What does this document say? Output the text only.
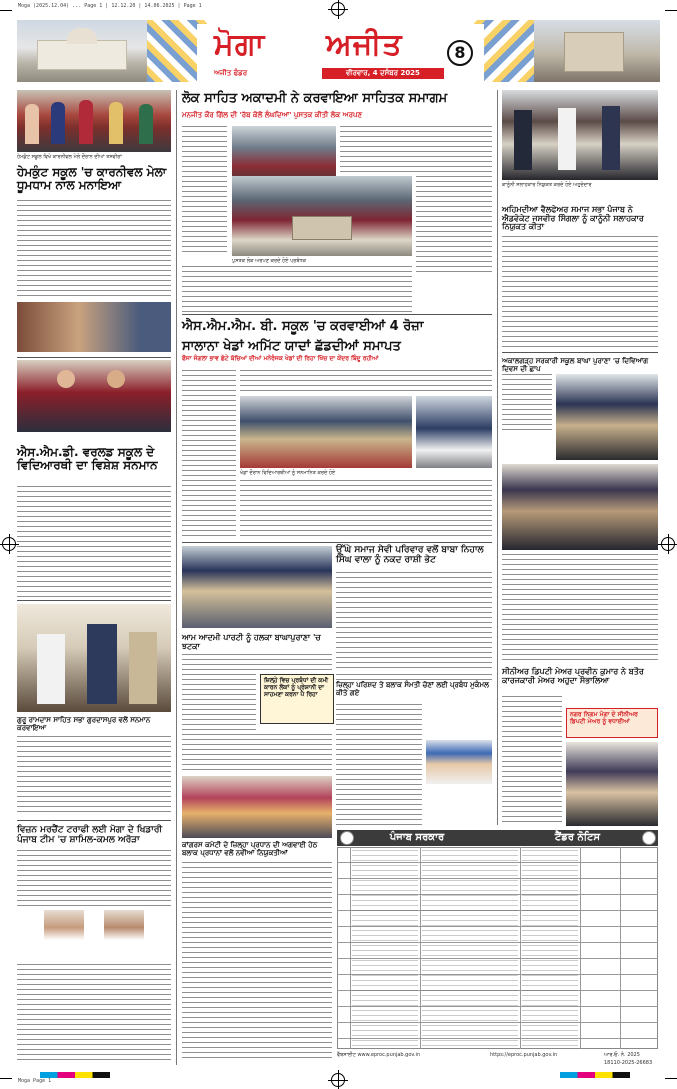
Moga (2025.12.04) ... Page 1 | 12.12.20 | 14.06.2025 | Page 1
Moga Page 1
ਮੋਗਾ ਅਜੀਤ
ਅਜੀਤ ਫੰਡਰ	ਵੀਰਵਾਰ, 4 ਦਸੰਬਰ 2025
8
ਹੇਮਕੁੰਟ ਸਕੂਲ ਵਿਖੇ ਕਾਰਨੀਵਲ ਮੇਲੇ ਦੌਰਾਨ ਦੀਆਂ ਤਸਵੀਰਾਂ
ਹੇਮਕੁੰਟ ਸਕੂਲ 'ਚ ਕਾਰਨੀਵਲ ਮੇਲਾ ਧੂਮਧਾਮ ਨਾਲ ਮਨਾਇਆ
ਐਸ.ਐਮ.ਡੀ. ਵਰਲਡ ਸਕੂਲ ਦੇ ਵਿਦਿਆਰਥੀ ਦਾ ਵਿਸ਼ੇਸ਼ ਸਨਮਾਨ
ਗੁਰੂ ਰਾਮਦਾਸ ਸਾਹਿਤ ਸਭਾ ਗੁਰਦਾਸਪੁਰ ਵਲੋਂ ਸਨਮਾਨ ਕਰਵਾਇਆ
ਵਿਜ਼ਨ ਮਰਚੈਂਟ ਟਰਾਫੀ ਲਈ ਮੋਗਾ ਦੇ ਖਿਡਾਰੀ ਪੰਜਾਬ ਟੀਮ 'ਚ ਸ਼ਾਮਿਲ-ਕਮਲ ਅਰੋੜਾ
ਲੋਕ ਸਾਹਿਤ ਅਕਾਦਮੀ ਨੇ ਕਰਵਾਇਆ ਸਾਹਿਤਕ ਸਮਾਗਮ
ਮਨਜੀਤ ਕੌਰ ਗਿੱਲ ਦੀ 'ਰੱਬ ਕੋਲੋਂ ਲੰਘਦਿਆਂ' ਪੁਸਤਕ ਕੀਤੀ ਲੋਕ ਅਰਪਣ
ਪੁਸਤਕ ਲੋਕ ਅਰਪਣ ਕਰਦੇ ਹੋਏ ਪ੍ਰਬੰਧਕ
ਐਸ.ਐਮ.ਐਮ. ਬੀ. ਸਕੂਲ 'ਚ ਕਰਵਾਈਆਂ 4 ਰੋਜ਼ਾ
ਸਾਲਾਨਾ ਖੇਡਾਂ ਅਮਿੱਟ ਯਾਦਾਂ ਛੱਡਦੀਆਂ ਸਮਾਪਤ
ਫੌਜਾ ਜੰਗਲਾ ਭਾਵ ਛੋਟੇ ਬੱਚਿਆਂ ਦੀਆਂ ਮਨੋਰੰਜਕ ਖੇਡਾਂ ਦੀ ਰਿਹਾ ਖਿੱਚ ਦਾ ਕੇਂਦਰ ਬਿੰਦੂ ਰਹੀਆਂ
ਖੇਡਾਂ ਦੌਰਾਨ ਵਿਦਿਆਰਥੀਆਂ ਨੂੰ ਸਨਮਾਨਿਤ ਕਰਦੇ ਹੋਏ
ਉੱਘੇ ਸਮਾਜ ਸੇਵੀ ਪਰਿਵਾਰ ਵਲੋਂ ਬਾਬਾ ਨਿਹਾਲ ਸਿੰਘ ਵਾਲਾ ਨੂੰ ਨਕਦ ਰਾਸ਼ੀ ਭੇਟ
ਆਮ ਆਦਮੀ ਪਾਰਟੀ ਨੂੰ ਹਲਕਾ ਬਾਘਾਪੁਰਾਣਾ 'ਚ ਝਟਕਾ
ਜ਼ਿਲ੍ਹੇ ਵਿਚ ਪ੍ਰਬੰਧਾਂ ਦੀ ਕਮੀ ਕਾਰਨ ਲੋਕਾਂ ਨੂੰ ਪ੍ਰੇਸ਼ਾਨੀ ਦਾ ਸਾਹਮਣਾ ਕਰਨਾ ਪੈ ਰਿਹਾ
ਜ਼ਿਲ੍ਹਾ ਪਰਿਸ਼ਦ ਤੇ ਬਲਾਕ ਸੰਮਤੀ ਚੋਣਾਂ ਲਈ ਪ੍ਰਬੰਧ ਮੁਕੰਮਲ ਕੀਤੇ ਗਏ
ਕਾਂਗਰਸ ਕਮੇਟੀ ਦੇ ਜ਼ਿਲ੍ਹਾ ਪ੍ਰਧਾਨ ਦੀ ਅਗਵਾਈ ਹੇਠ ਬਲਾਕ ਪ੍ਰਧਾਨਾਂ ਵਲੋਂ ਨਵੀਆਂ ਨਿਯੁਕਤੀਆਂ
ਕਾਨੂੰਨੀ ਸਲਾਹਕਾਰ ਨਿਯੁਕਤ ਕਰਦੇ ਹੋਏ ਅਹੁਦੇਦਾਰ
ਅਹਿਮਦੀਆ ਵੈਲਫੇਅਰ ਸਮਾਜ ਸਭਾ ਪੰਜਾਬ ਨੇ ਐਡਵੋਕੇਟ ਜਸਵੀਰ ਸਿੰਗਲਾ ਨੂੰ ਕਾਨੂੰਨੀ ਸਲਾਹਕਾਰ ਨਿਯੁਕਤ ਕੀਤਾ
ਅਕਾਲਗੜ੍ਹ ਸਰਕਾਰੀ ਸਕੂਲ ਬਾਘਾ ਪੁਰਾਣਾ 'ਚ ਦਿਵਿਆਂਗ ਦਿਵਸ ਦੀ ਛਾਪ
ਸੀਨੀਅਰ ਡਿਪਟੀ ਮੇਅਰ ਪ੍ਰਵੀਨ ਕੁਮਾਰ ਨੇ ਬਤੌਰ ਕਾਰਜਕਾਰੀ ਮੇਅਰ ਅਹੁਦਾ ਸੰਭਾਲਿਆ
ਨਗਰ ਨਿਗਮ ਮੋਗਾ ਦੇ ਸੀਨੀਅਰ ਡਿਪਟੀ ਮੇਅਰ ਨੂੰ ਵਧਾਈਆਂ
ਪੰਜਾਬ ਸਰਕਾਰ	ਟੈਂਡਰ ਨੋਟਿਸ
ਵੈੱਬਸਾਈਟ www.eproc.punjab.gov.in	https://eproc.punjab.gov.in	ਆਰ.ਓ. ਨੰ. 2025
18110-2025-26683
